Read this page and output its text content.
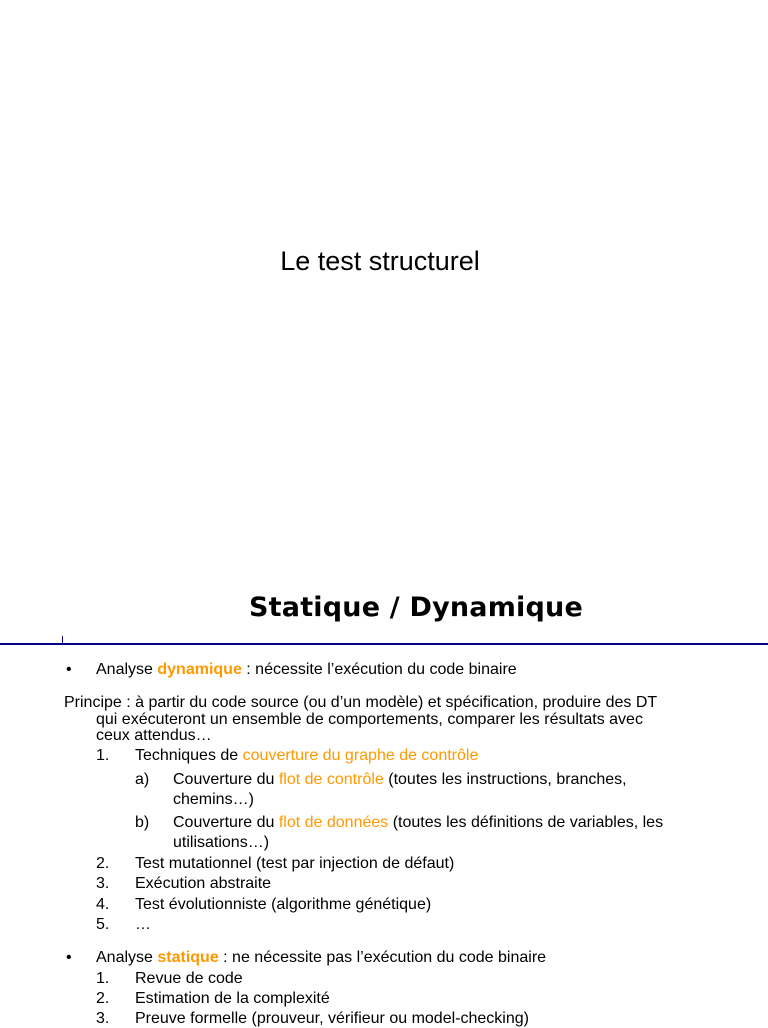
Le test structurel
Statique / Dynamique
• Analyse dynamique : nécessite l’exécution du code binaire
Principe : à partir du code source (ou d’un modèle) et spécification, produire des DT
qui exécuteront un ensemble de comportements, comparer les résultats avec
ceux attendus…
1. Techniques de couverture du graphe de contrôle
a) Couverture du flot de contrôle (toutes les instructions, branches,
chemins…)
b) Couverture du flot de données (toutes les définitions de variables, les
utilisations…)
2. Test mutationnel (test par injection de défaut)
3. Exécution abstraite
4. Test évolutionniste (algorithme génétique)
5. …
• Analyse statique : ne nécessite pas l’exécution du code binaire
1. Revue de code
2. Estimation de la complexité
3. Preuve formelle (prouveur, vérifieur ou model-checking)
